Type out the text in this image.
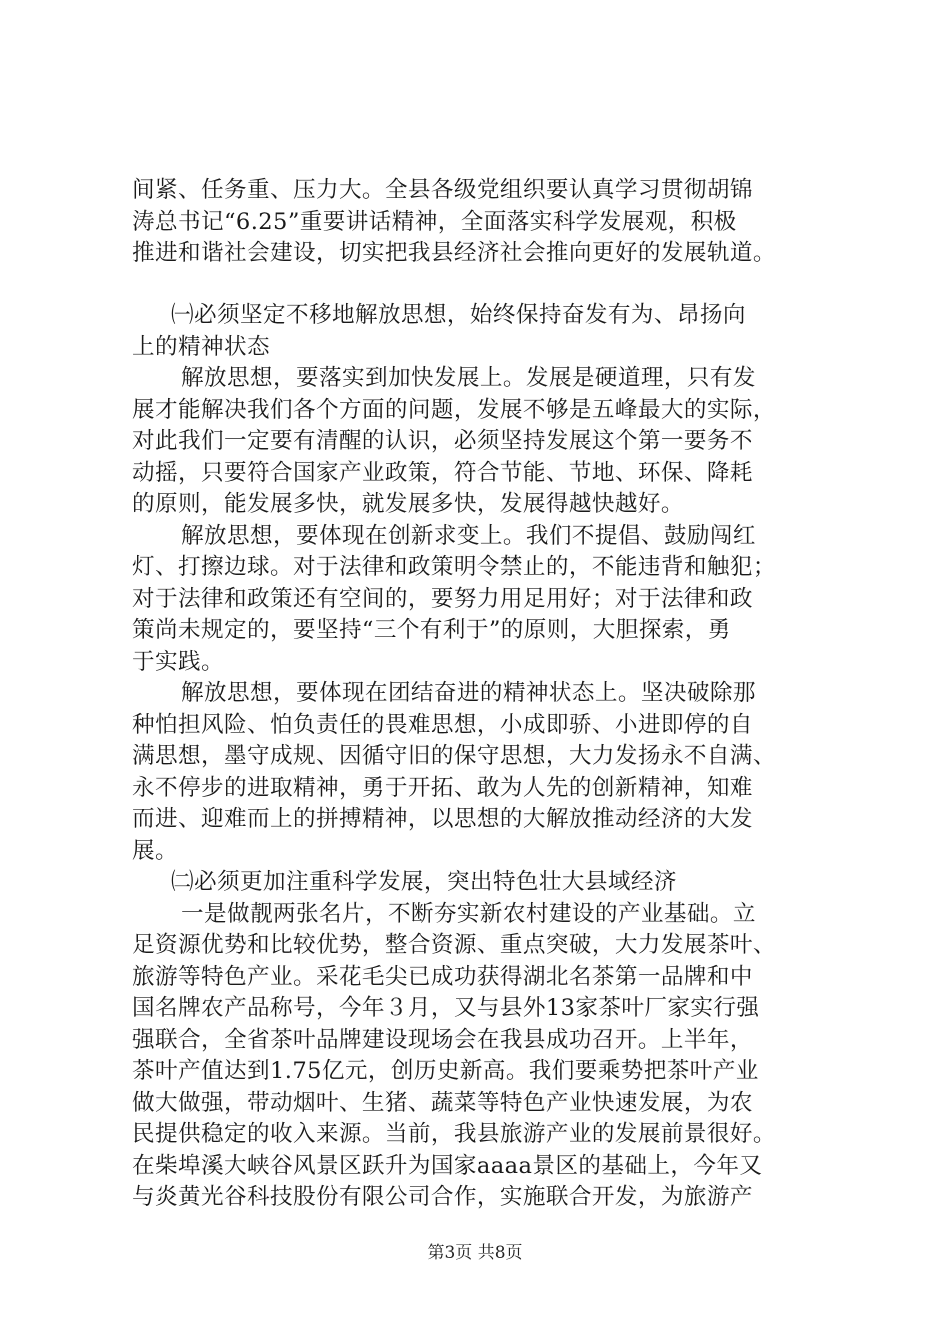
间紧、任务重、压力大。全县各级党组织要认真学习贯彻胡锦
涛总书记“6.25”重要讲话精神，全面落实科学发展观，积极
推进和谐社会建设，切实把我县经济社会推向更好的发展轨道。
㈠必须坚定不移地解放思想，始终保持奋发有为、昂扬向
上的精神状态
解放思想，要落实到加快发展上。发展是硬道理，只有发
展才能解决我们各个方面的问题，发展不够是五峰最大的实际，
对此我们一定要有清醒的认识，必须坚持发展这个第一要务不
动摇，只要符合国家产业政策，符合节能、节地、环保、降耗
的原则，能发展多快，就发展多快，发展得越快越好。
解放思想，要体现在创新求变上。我们不提倡、鼓励闯红
灯、打擦边球。对于法律和政策明令禁止的，不能违背和触犯；
对于法律和政策还有空间的，要努力用足用好；对于法律和政
策尚未规定的，要坚持“三个有利于”的原则，大胆探索，勇
于实践。
解放思想，要体现在团结奋进的精神状态上。坚决破除那
种怕担风险、怕负责任的畏难思想，小成即骄、小进即停的自
满思想，墨守成规、因循守旧的保守思想，大力发扬永不自满、
永不停步的进取精神，勇于开拓、敢为人先的创新精神，知难
而进、迎难而上的拼搏精神，以思想的大解放推动经济的大发
展。
㈡必须更加注重科学发展，突出特色壮大县域经济
一是做靓两张名片，不断夯实新农村建设的产业基础。立
足资源优势和比较优势，整合资源、重点突破，大力发展茶叶、
旅游等特色产业。采花毛尖已成功获得湖北名茶第一品牌和中
国名牌农产品称号，今年３月，又与县外13家茶叶厂家实行强
强联合，全省茶叶品牌建设现场会在我县成功召开。上半年，
茶叶产值达到1.75亿元，创历史新高。我们要乘势把茶叶产业
做大做强，带动烟叶、生猪、蔬菜等特色产业快速发展，为农
民提供稳定的收入来源。当前，我县旅游产业的发展前景很好。
在柴埠溪大峡谷风景区跃升为国家aaaa景区的基础上，今年又
与炎黄光谷科技股份有限公司合作，实施联合开发，为旅游产
第3页 共8页
